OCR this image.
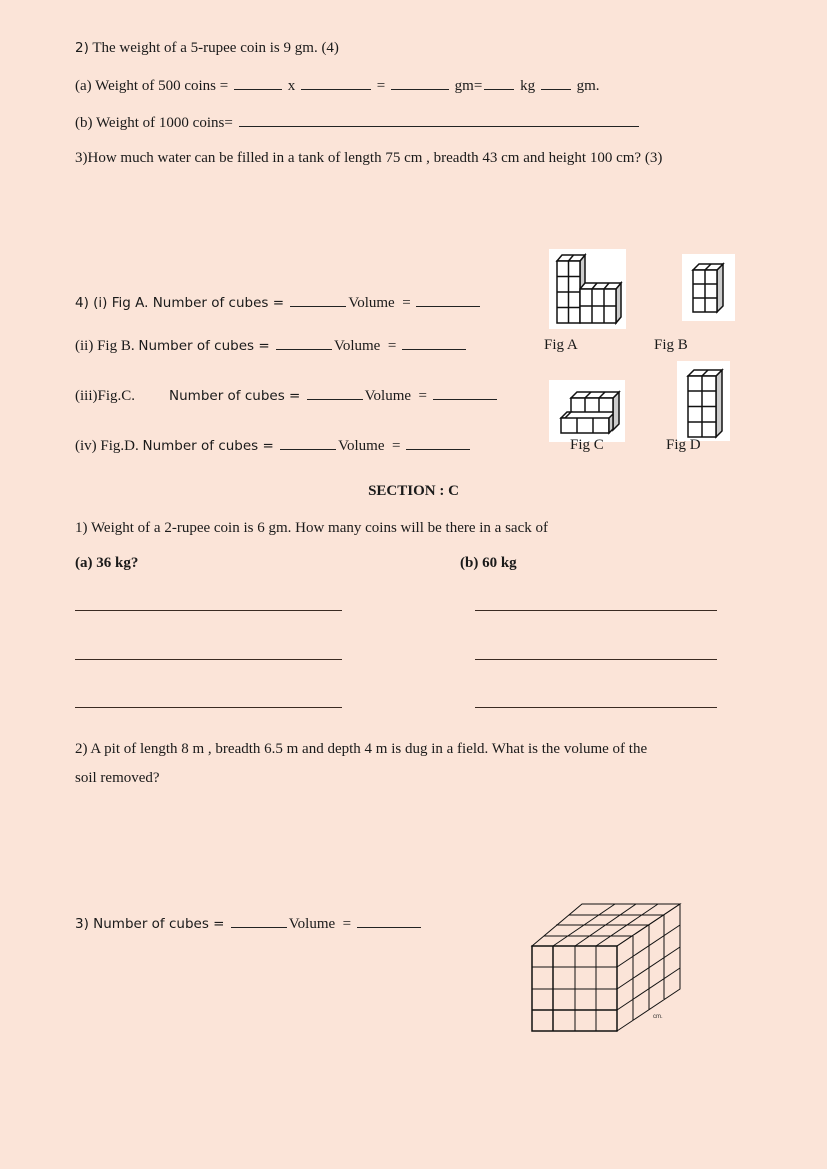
2) The weight of a 5-rupee coin is 9 gm. (4)
(a) Weight of 500 coins =	x	=	gm= kg  gm.
(b) Weight of 1000 coins=
3)How much water can be filled in a tank of length 75 cm , breadth 43 cm and height 100 cm? (3)
4) (i) Fig A. Number of cubes =	Volume  =
(ii) Fig B. Number of cubes =	Volume  =
(iii)Fig.C.	Number of cubes =	Volume  =
(iv) Fig.D. Number of cubes =	Volume  =
Fig A	Fig B
Fig C	Fig D
SECTION : C
1) Weight of a 2-rupee coin is 6 gm. How many coins will be there in a sack of
(a) 36 kg?	(b) 60 kg
2) A pit of length 8 m , breadth 6.5 m and depth 4 m is dug in a field. What is the volume of the
soil removed?
3) Number of cubes =	Volume  =
cm.
